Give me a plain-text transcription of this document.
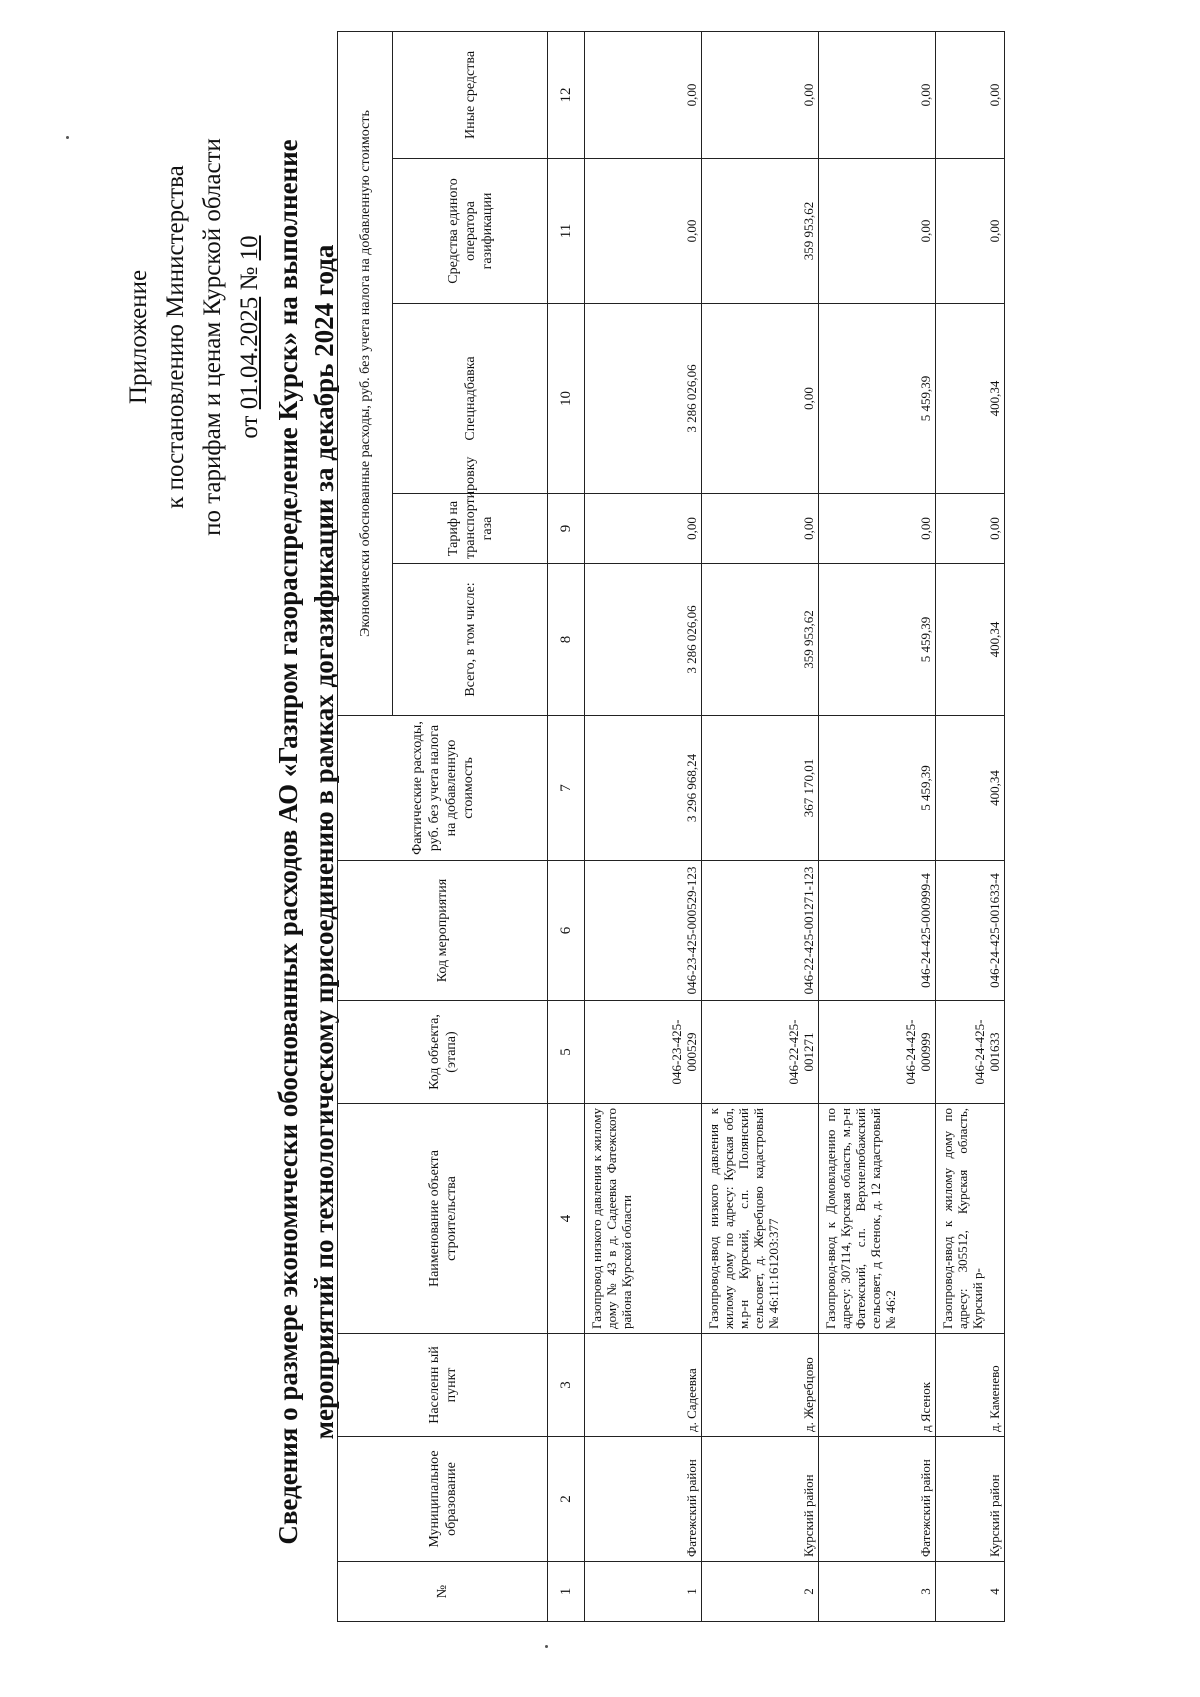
Приложение к постановлению Министерства по тарифам и ценам Курской области от 01.04.2025 № 10 Сведения о размере экономически обоснованных расходов АО «Газпром газораспределение Курск» на выполнение мероприятий по технологическому присоединению в рамках догазификации за декабрь 2024 года
№	Муниципальное образование	Населенн ый пункт	Наименование объекта строительства	Код объекта, (этапа)	Код мероприятия	Фактические расходы, руб. без учета налога на добавленную стоимость	Экономически обоснованные расходы, руб. без учета налога на добавленную стоимость				
							Всего, в том числе:	Тариф на транспортировку газа	Спецнадбавка	Средства единого оператора газификации	Иные средства
1	2	3	4	5	6	7	8	9	10	11	12
1	Фатежский район	д. Садеевка	Газопровод низкого давления к жилому дому № 43 в д. Садеевка Фатежского района Курской области	046-23-425-000529	046-23-425-000529-123	3 296 968,24	3 286 026,06	0,00	3 286 026,06	0,00	0,00
2	Курский район	д. Жеребцово	Газопровод-ввод низкого давления к жилому дому по адресу: Курская обл, м.р-н Курский, с.п. Полянский сельсовет, д. Жеребцово кадастровый № 46:11:161203:377	046-22-425-001271	046-22-425-001271-123	367 170,01	359 953,62	0,00	0,00	359 953,62	0,00
3	Фатежский район	д Ясенок	Газопровод-ввод к Домовладению по адресу: 307114, Курская область, м.р-н Фатежский, с.п. Верхнелюбажский сельсовет, д Ясенок, д. 12 кадастровый № 46:2	046-24-425-000999	046-24-425-000999-4	5 459,39	5 459,39	0,00	5 459,39	0,00	0,00
4	Курский район	д. Каменево	Газопровод-ввод к жилому дому по адресу: 305512, Курская область, Курский р-	046-24-425-001633	046-24-425-001633-4	400,34	400,34	0,00	400,34	0,00	0,00
